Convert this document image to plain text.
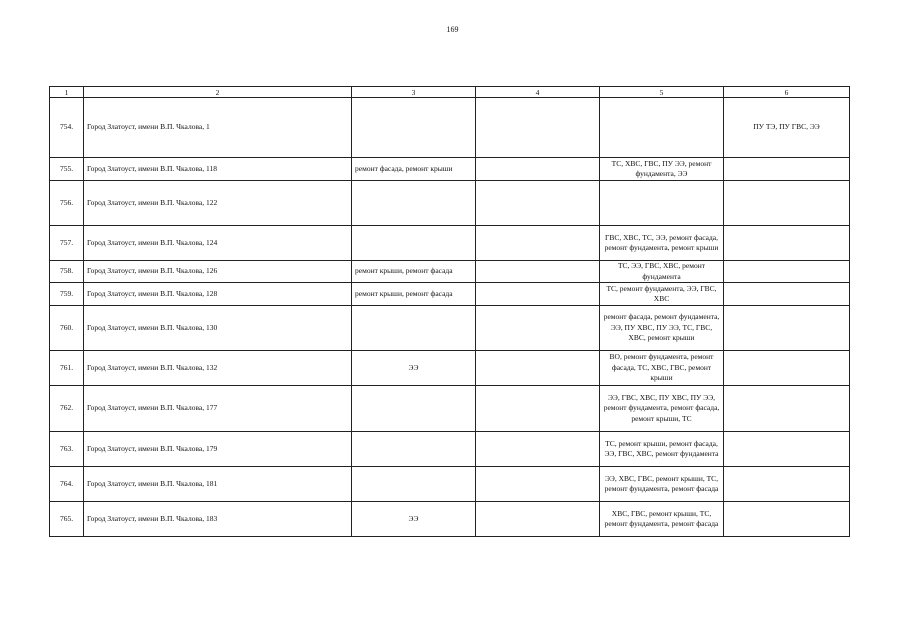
169
1	2	3	4	5	6
754.	Город Златоуст, имени В.П. Чкалова, 1				ПУ ТЭ, ПУ ГВС, ЭЭ
755.	Город Златоуст, имени В.П. Чкалова, 118	ремонт фасада, ремонт крыши		ТС, ХВС, ГВС, ПУ ЭЭ, ремонт фундамента, ЭЭ	
756.	Город Златоуст, имени В.П. Чкалова, 122				
757.	Город Златоуст, имени В.П. Чкалова, 124			ГВС, ХВС, ТС, ЭЭ, ремонт фасада, ремонт фундамента, ремонт крыши	
758.	Город Златоуст, имени В.П. Чкалова, 126	ремонт крыши, ремонт фасада		ТС, ЭЭ, ГВС, ХВС, ремонт фундамента	
759.	Город Златоуст, имени В.П. Чкалова, 128	ремонт крыши, ремонт фасада		ТС, ремонт фундамента, ЭЭ, ГВС, ХВС	
760.	Город Златоуст, имени В.П. Чкалова, 130			ремонт фасада, ремонт фундамента, ЭЭ, ПУ ХВС, ПУ ЭЭ, ТС, ГВС, ХВС, ремонт крыши	
761.	Город Златоуст, имени В.П. Чкалова, 132	ЭЭ		ВО, ремонт фундамента, ремонт фасада, ТС, ХВС, ГВС, ремонт крыши	
762.	Город Златоуст, имени В.П. Чкалова, 177			ЭЭ, ГВС, ХВС, ПУ ХВС, ПУ ЭЭ, ремонт фундамента, ремонт фасада, ремонт крыши, ТС	
763.	Город Златоуст, имени В.П. Чкалова, 179			ТС, ремонт крыши, ремонт фасада, ЭЭ, ГВС, ХВС, ремонт фундамента	
764.	Город Златоуст, имени В.П. Чкалова, 181			ЭЭ, ХВС, ГВС, ремонт крыши, ТС, ремонт фундамента, ремонт фасада	
765.	Город Златоуст, имени В.П. Чкалова, 183	ЭЭ		ХВС, ГВС, ремонт крыши, ТС, ремонт фундамента, ремонт фасада	
